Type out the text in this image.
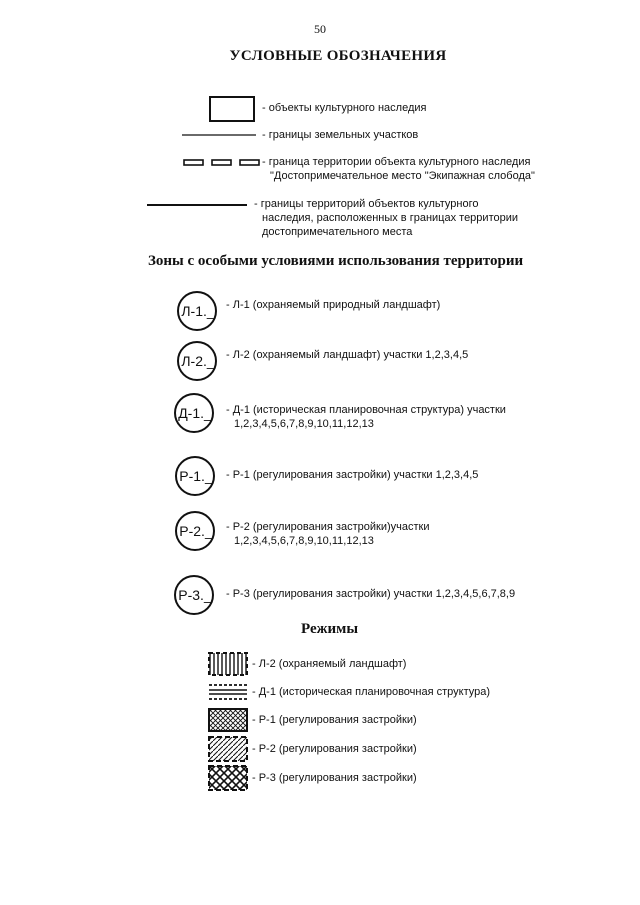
50
УСЛОВНЫЕ ОБОЗНАЧЕНИЯ
- объекты культурного наследия
- границы земельных участков
- граница территории объекта культурного наследия
"Достопримечательное место "Экипажная слобода"
- границы территорий объектов культурного
наследия, расположенных в границах территории
достопримечательного места
Зоны с особыми условиями использования территории
Л-1._ - Л-1 (охраняемый природный ландшафт)
Л-2._ - Л-2 (охраняемый ландшафт) участки 1,2,3,4,5
Д-1._ - Д-1 (историческая планировочная структура) участки
1,2,3,4,5,6,7,8,9,10,11,12,13
Р-1._ - Р-1 (регулирования застройки) участки 1,2,3,4,5
Р-2._ - Р-2 (регулирования застройки)участки
1,2,3,4,5,6,7,8,9,10,11,12,13
Р-3._ - Р-3 (регулирования застройки) участки 1,2,3,4,5,6,7,8,9
Режимы
- Л-2 (охраняемый ландшафт)
- Д-1 (историческая планировочная структура)
- Р-1 (регулирования застройки)
- Р-2 (регулирования застройки)
- Р-3 (регулирования застройки)
